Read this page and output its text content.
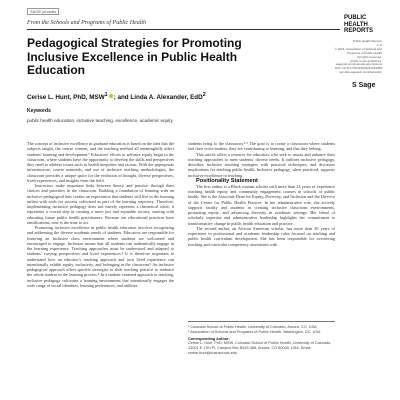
SAGE journals
From the Schools and Programs of Public Health
PUBLIC
HEALTH
REPORTS
Public Health Reports
1–6
© 2024, Association of Schools and
Programs of Public Health
All rights reserved.
Article reuse guidelines:
sagepub.com/journals-permissions
DOI: 10.1177/00333549241234488
journals.sagepub.com/home/phr
S Sage
Pedagogical Strategies for Promoting Inclusive Excellence in Public Health Education
Cerise L. Hunt, PhD, MSW$^1$ ; and Linda A. Alexander, EdD$^2$
Keywords
public health education, inclusive teaching, excellence, academic equity

The concept of inclusive excellence in graduate education is based on the idea that the subjects taught, the course content, and the teaching method all meaningfully affect students' learning and development.¹ Educators' efforts to advance equity begin in the classroom, where students have the opportunity to develop the skills and perspectives they need to address issues such as health inequities and racism. With the appropriate infrastructure, course materials, and use of inclusive teaching methodologies, the classroom provides a unique space for the evolution of thought, diverse perspectives, lived experiences, and insights from the field.

Instructors make important links between theory and practice through their choices and priorities in the classroom. Building a foundation of learning with an inclusive pedagogical lens creates an expectation that students will live in the learning milieu with tools for success cultivated as part of the learning trajectory. Therefore, implementing inclusive pedagogy does not merely represent a theoretical ideal; it represents a crucial step in creating a more just and equitable society, starting with educating future public health practitioners. Because our educational practices have ramifications, now is the time to act.

Promoting inclusive excellence in public health education involves recognizing and addressing the diverse academic needs of students. Educators are responsible for fostering an inclusive class environment where students are welcomed and encouraged to engage. Inclusion means that all students can authentically engage in the learning experience. Teaching approaches must be understood and adapted to students' varying perspectives and lived experiences.² It is therefore important to understand how an educator's teaching approach and own lived experience can intentionally exhibit equity, inclusivity, and belonging in the classroom.³ An inclusive pedagogical approach offers specific strategies to shift teaching practice to embrace the whole student in the learning process.⁴ In a student-centered approach to teaching, inclusive pedagogy cultivates a learning environment that intentionally engages the wide range of social identities, learning preferences, and abilities

students bring to the classroom.¹·⁵ The goal is to create a classroom where students feel their voice matters, they are contributing to learning, and that they belong.

This article offers a resource for educators who seek to assess and enhance their teaching approaches to meet students' diverse needs. It outlines inclusive pedagogy, describes inclusive teaching strategies with practical techniques, and discusses implications for teaching public health. Inclusive pedagogy, when practiced, supports inclusive excellence in teaching.

Positionality Statement

The first author is a Black woman scholar with more than 14 years of experience teaching health equity and community engagement courses in schools of public health. She is the Associate Dean for Equity, Diversity, and Inclusion and the Director of the Center for Public Health Practice. In her administrative role, she actively supports faculty and students in creating inclusive classroom environments, promoting equity, and advancing diversity in academic settings. Her blend of scholarly expertise and administrative leadership highlights her commitment to transformative change in public health education and practice.

The second author, an African American scholar, has more than 30 years of experience in professional and academic leadership roles focused on teaching and public health curriculum development. She has been responsible for overseeing teaching and curricular competency assessment with

¹ Colorado School of Public Health, University of Colorado, Aurora, CO, USA

² Association of Schools and Programs of Public Health, Washington, DC, USA

Corresponding Author:

Cerise L. Hunt, PhD, MSW, Colorado School of Public Health, University of Colorado, 13001 E 17th Pl, Campus Box B119-388, Aurora, CO 80045, USA. Email: cerise.hunt@cuanschutz.edu
